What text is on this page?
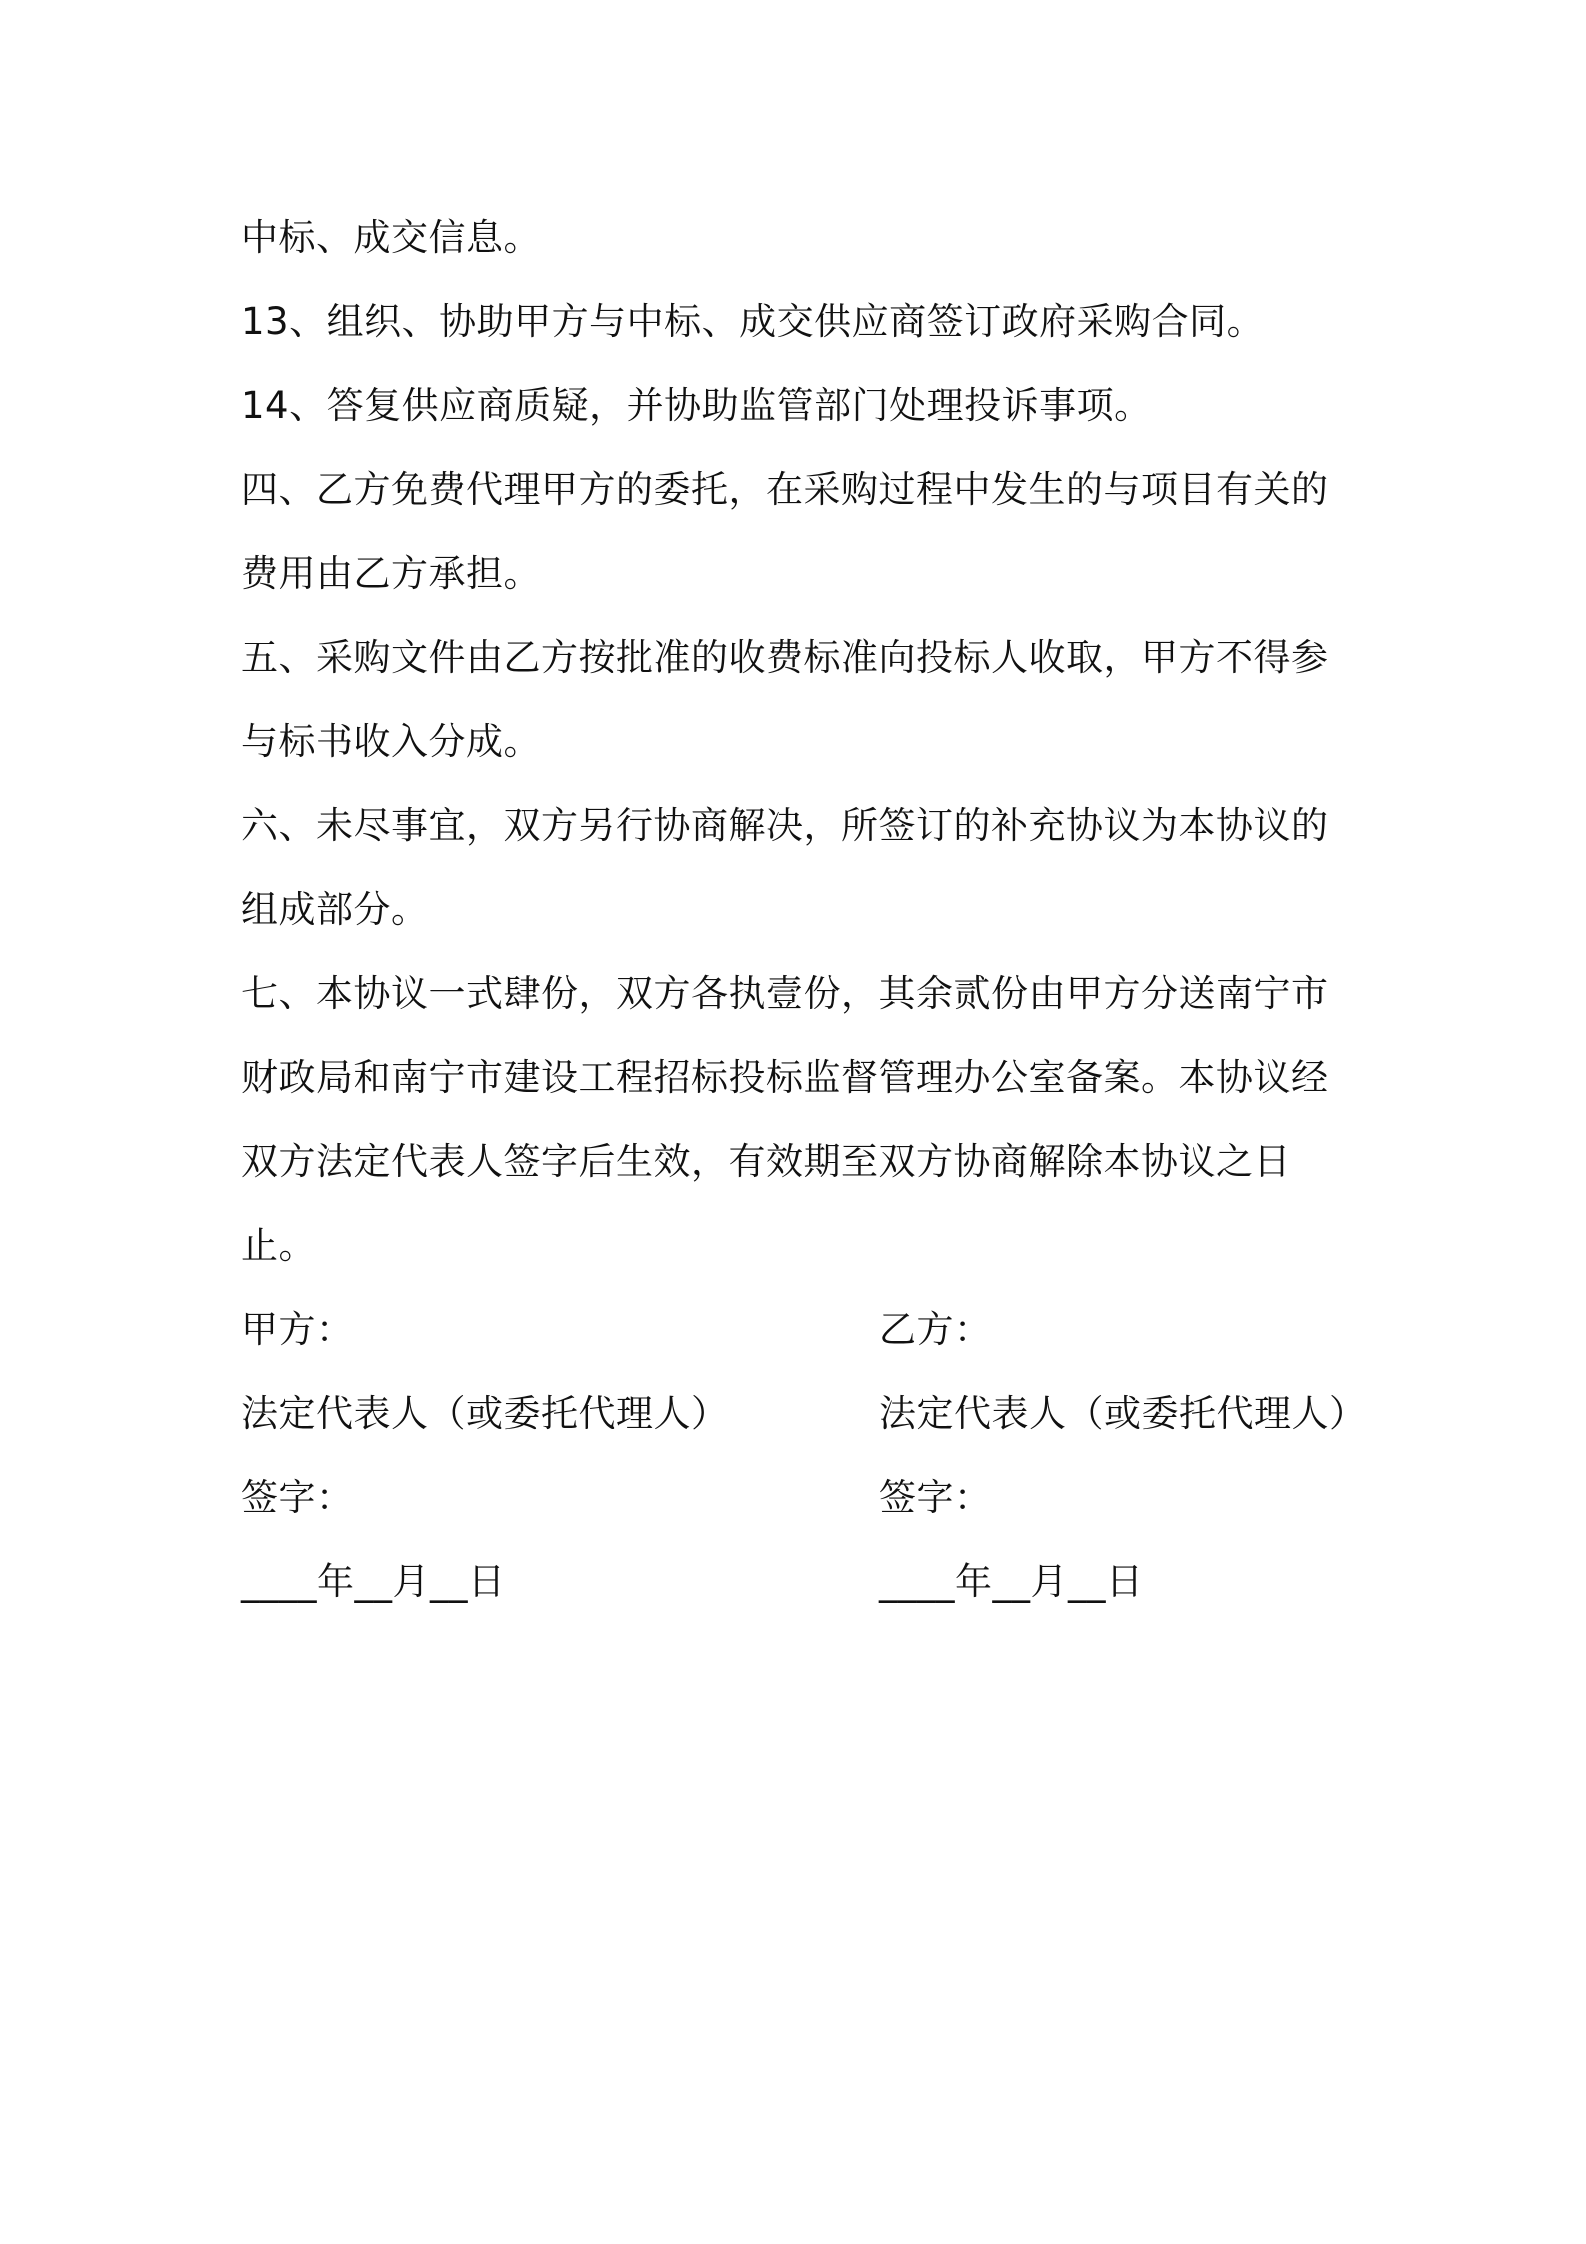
中标、成交信息。

13、组织、协助甲方与中标、成交供应商签订政府采购合同。

14、答复供应商质疑，并协助监管部门处理投诉事项。

四、乙方免费代理甲方的委托，在采购过程中发生的与项目有关的费用由乙方承担。

五、采购文件由乙方按批准的收费标准向投标人收取，甲方不得参与标书收入分成。

六、未尽事宜，双方另行协商解决，所签订的补充协议为本协议的组成部分。

七、本协议一式肆份，双方各执壹份，其余贰份由甲方分送南宁市财政局和南宁市建设工程招标投标监督管理办公室备案。本协议经双方法定代表人签字后生效，有效期至双方协商解除本协议之日止。

甲方：	乙方：
法定代表人（或委托代理人）	法定代表人（或委托代理人）
签字：	签字：
____年__月__日	____年__月__日
